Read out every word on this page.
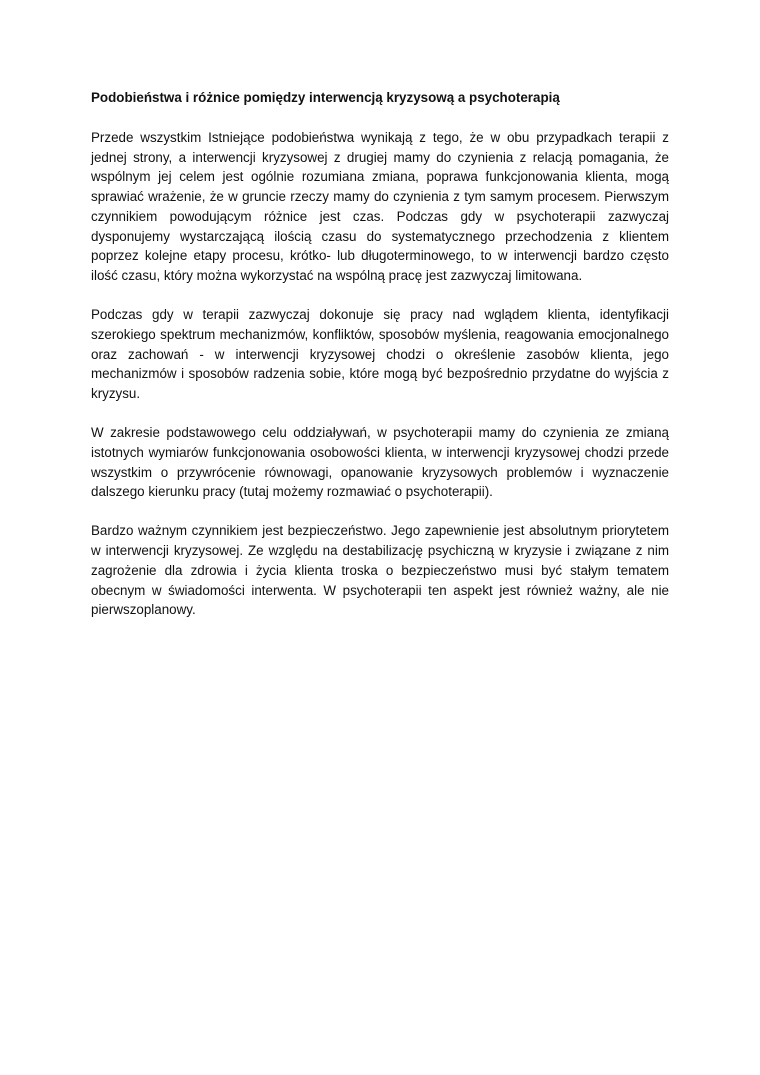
Podobieństwa i różnice pomiędzy interwencją kryzysową a psychoterapią

Przede wszystkim Istniejące podobieństwa wynikają z tego, że w obu przypadkach terapii z jednej strony, a interwencji kryzysowej z drugiej mamy do czynienia z relacją pomagania, że wspólnym jej celem jest ogólnie rozumiana zmiana, poprawa funkcjonowania klienta, mogą sprawiać wrażenie, że w gruncie rzeczy mamy do czynienia z tym samym procesem. Pierwszym czynnikiem powodującym różnice jest czas. Podczas gdy w psychoterapii zazwyczaj dysponujemy wystarczającą ilością czasu do systematycznego przechodzenia z klientem poprzez kolejne etapy procesu, krótko- lub długoterminowego, to w interwencji bardzo często ilość czasu, który można wykorzystać na wspólną pracę jest zazwyczaj limitowana.

Podczas gdy w terapii zazwyczaj dokonuje się pracy nad wglądem klienta, identyfikacji szerokiego spektrum mechanizmów, konfliktów, sposobów myślenia, reagowania emocjonalnego oraz zachowań - w interwencji kryzysowej chodzi o określenie zasobów klienta, jego mechanizmów i sposobów radzenia sobie, które mogą być bezpośrednio przydatne do wyjścia z kryzysu.

W zakresie podstawowego celu oddziaływań, w psychoterapii mamy do czynienia ze zmianą istotnych wymiarów funkcjonowania osobowości klienta, w interwencji kryzysowej chodzi przede wszystkim o przywrócenie równowagi, opanowanie kryzysowych problemów i wyznaczenie dalszego kierunku pracy (tutaj możemy rozmawiać o psychoterapii).

Bardzo ważnym czynnikiem jest bezpieczeństwo. Jego zapewnienie jest absolutnym priorytetem w interwencji kryzysowej. Ze względu na destabilizację psychiczną w kryzysie i związane z nim zagrożenie dla zdrowia i życia klienta troska o bezpieczeństwo musi być stałym tematem obecnym w świadomości interwenta. W psychoterapii ten aspekt jest również ważny, ale nie pierwszoplanowy.
